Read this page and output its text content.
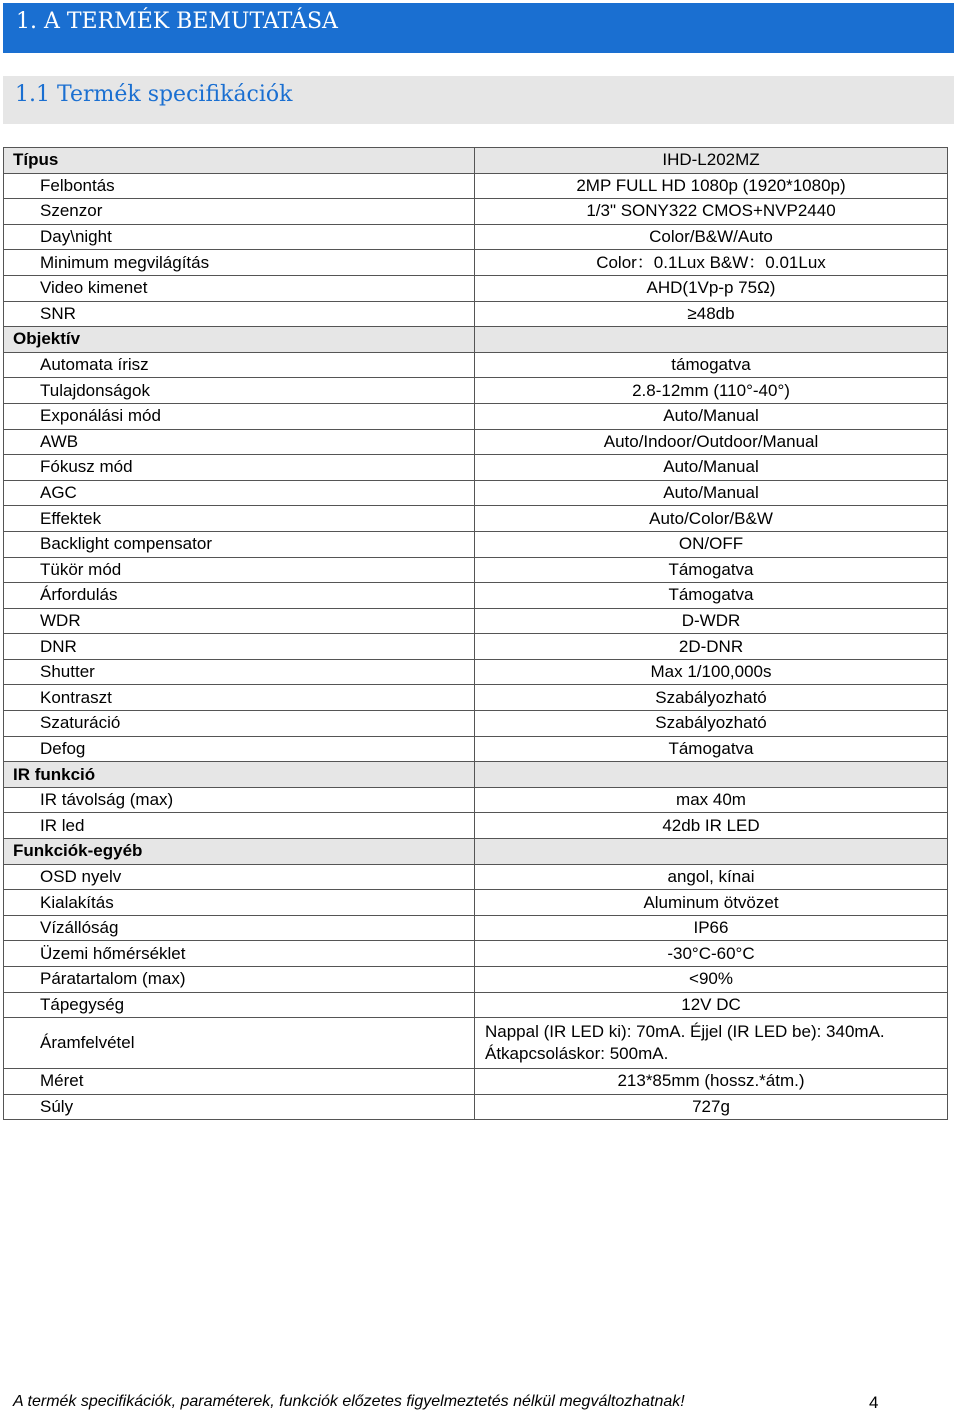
1. A TERMÉK BEMUTATÁSA
1.1 Termék specifikációk
Típus	IHD-L202MZ
Felbontás	2MP FULL HD 1080p (1920*1080p)
Szenzor	1/3" SONY322 CMOS+NVP2440
Day\night	Color/B&W/Auto
Minimum megvilágítás	Color：0.1Lux B&W：0.01Lux
Video kimenet	AHD(1Vp-p 75Ω)
SNR	≥48db
Objektív	
Automata írisz	támogatva
Tulajdonságok	2.8-12mm (110°-40°)
Exponálási mód	Auto/Manual
AWB	Auto/Indoor/Outdoor/Manual
Fókusz mód	Auto/Manual
AGC	Auto/Manual
Effektek	Auto/Color/B&W
Backlight compensator	ON/OFF
Tükör mód	Támogatva
Árfordulás	Támogatva
WDR	D-WDR
DNR	2D-DNR
Shutter	Max 1/100,000s
Kontraszt	Szabályozható
Szaturáció	Szabályozható
Defog	Támogatva
IR funkció	
IR távolság (max)	max 40m
IR led	42db IR LED
Funkciók-egyéb	
OSD nyelv	angol, kínai
Kialakítás	Aluminum ötvözet
Vízállóság	IP66
Üzemi hőmérséklet	-30°C-60°C
Páratartalom (max)	<90%
Tápegység	12V DC
Áramfelvétel	Nappal (IR LED ki): 70mA. Éjjel (IR LED be): 340mA. Átkapcsoláskor: 500mA.
Méret	213*85mm (hossz.*átm.)
Súly	727g
A termék specifikációk, paraméterek, funkciók előzetes figyelmeztetés nélkül megváltozhatnak!	4
